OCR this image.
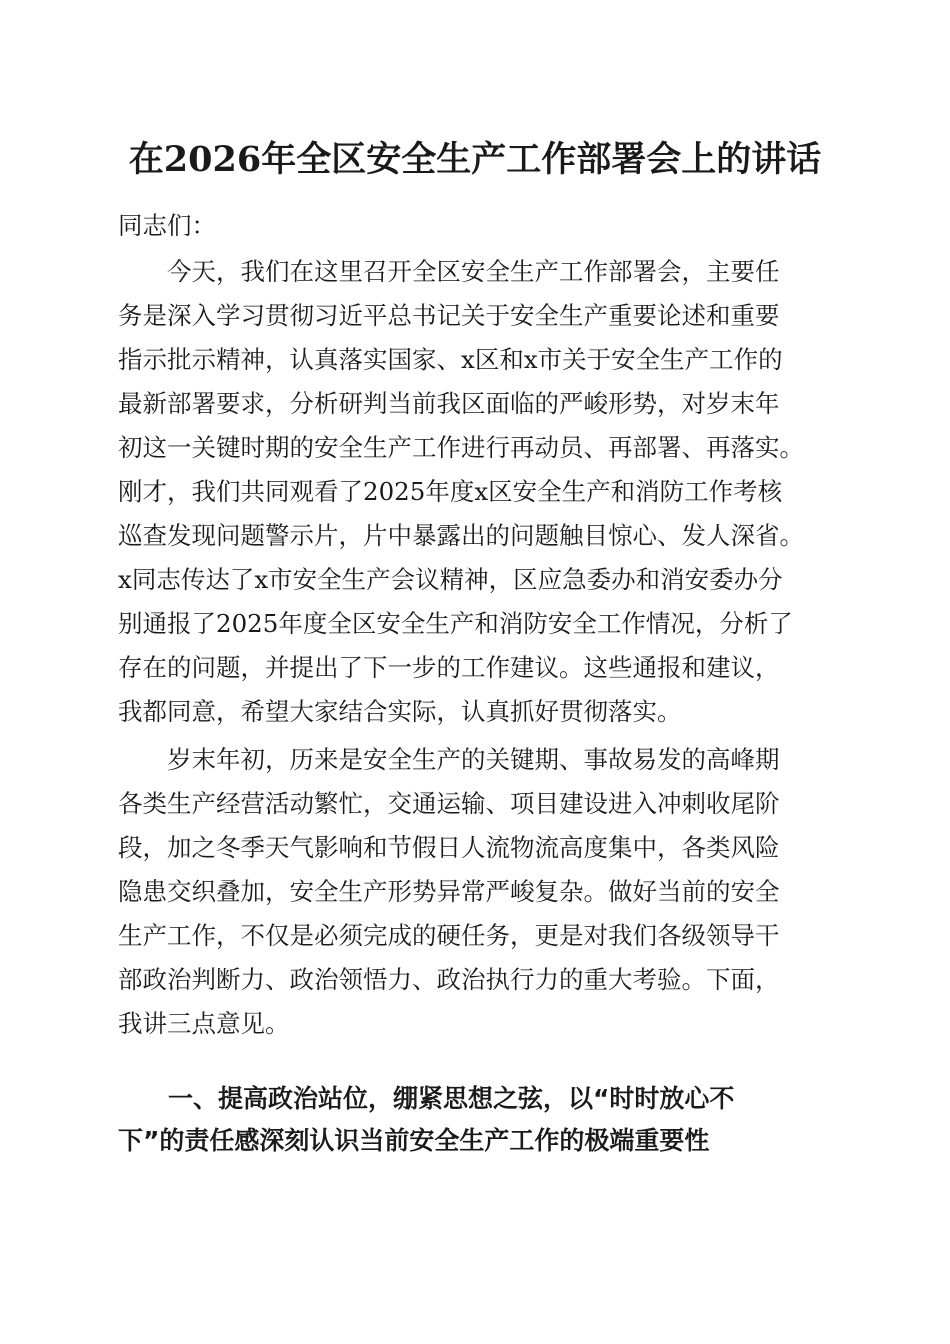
在2026年全区安全生产工作部署会上的讲话

同志们：

　　今天，我们在这里召开全区安全生产工作部署会，主要任

务是深入学习贯彻习近平总书记关于安全生产重要论述和重要

指示批示精神，认真落实国家、x区和x市关于安全生产工作的

最新部署要求，分析研判当前我区面临的严峻形势，对岁末年

初这一关键时期的安全生产工作进行再动员、再部署、再落实。

刚才，我们共同观看了2025年度x区安全生产和消防工作考核

巡查发现问题警示片，片中暴露出的问题触目惊心、发人深省。

x同志传达了x市安全生产会议精神，区应急委办和消安委办分

别通报了2025年度全区安全生产和消防安全工作情况，分析了

存在的问题，并提出了下一步的工作建议。这些通报和建议，

我都同意，希望大家结合实际，认真抓好贯彻落实。

　　岁末年初，历来是安全生产的关键期、事故易发的高峰期

各类生产经营活动繁忙，交通运输、项目建设进入冲刺收尾阶

段，加之冬季天气影响和节假日人流物流高度集中，各类风险

隐患交织叠加，安全生产形势异常严峻复杂。做好当前的安全

生产工作，不仅是必须完成的硬任务，更是对我们各级领导干

部政治判断力、政治领悟力、政治执行力的重大考验。下面，

我讲三点意见。

　　一、提高政治站位，绷紧思想之弦，以“时时放心不

下”的责任感深刻认识当前安全生产工作的极端重要性
